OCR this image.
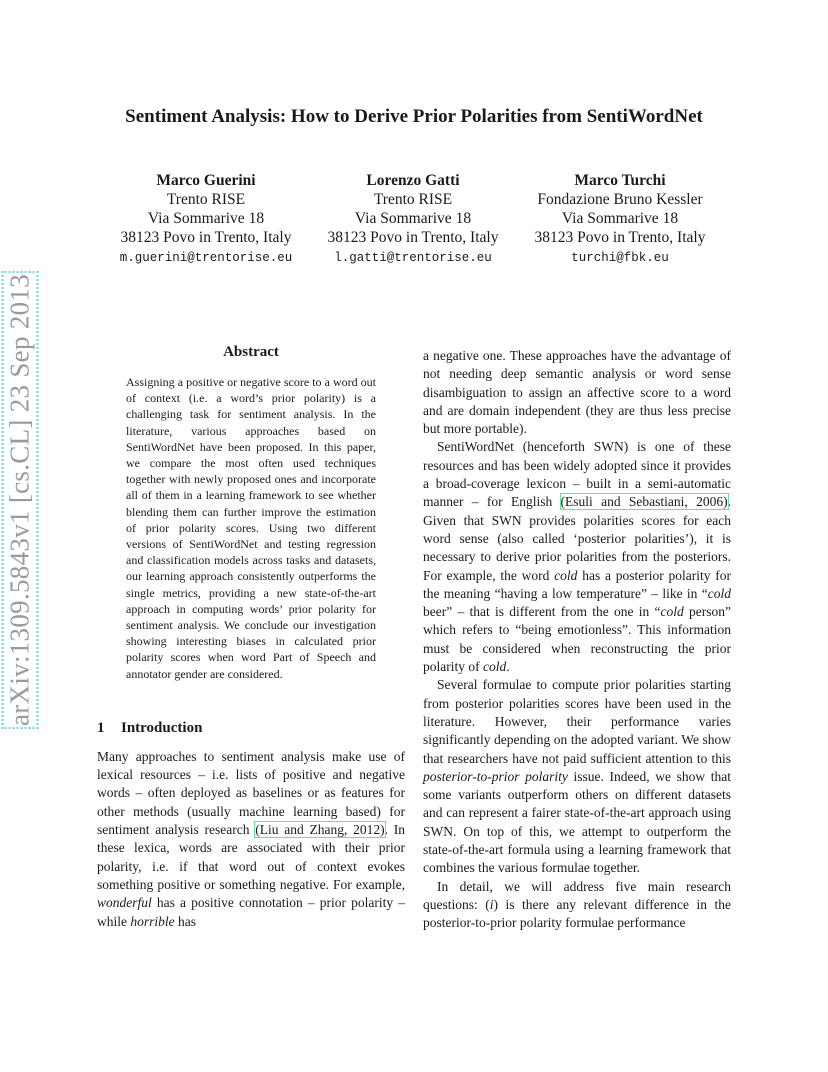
arXiv:1309.5843v1 [cs.CL] 23 Sep 2013
Sentiment Analysis: How to Derive Prior Polarities from SentiWordNet
Marco Guerini
Trento RISE
Via Sommarive 18
38123 Povo in Trento, Italy
m.guerini@trentorise.eu
Lorenzo Gatti
Trento RISE
Via Sommarive 18
38123 Povo in Trento, Italy
l.gatti@trentorise.eu
Marco Turchi
Fondazione Bruno Kessler
Via Sommarive 18
38123 Povo in Trento, Italy
turchi@fbk.eu
Abstract

Assigning a positive or negative score to a word out of context (i.e. a word’s prior polarity) is a challenging task for sentiment analysis. In the literature, various approaches based on SentiWordNet have been proposed. In this paper, we compare the most often used techniques together with newly proposed ones and incorporate all of them in a learning framework to see whether blending them can further improve the estimation of prior polarity scores. Using two different versions of SentiWordNet and testing regression and classification models across tasks and datasets, our learning approach consistently outperforms the single metrics, providing a new state-of-the-art approach in computing words’ prior polarity for sentiment analysis. We conclude our investigation showing interesting biases in calculated prior polarity scores when word Part of Speech and annotator gender are considered.

1 Introduction

Many approaches to sentiment analysis make use of lexical resources – i.e. lists of positive and negative words – often deployed as baselines or as features for other methods (usually machine learning based) for sentiment analysis research (Liu and Zhang, 2012). In these lexica, words are associated with their prior polarity, i.e. if that word out of context evokes something positive or something negative. For example, wonderful has a positive connotation – prior polarity – while horrible has

a negative one. These approaches have the advantage of not needing deep semantic analysis or word sense disambiguation to assign an affective score to a word and are domain independent (they are thus less precise but more portable).

SentiWordNet (henceforth SWN) is one of these resources and has been widely adopted since it provides a broad-coverage lexicon – built in a semi-automatic manner – for English (Esuli and Sebastiani, 2006). Given that SWN provides polarities scores for each word sense (also called ‘posterior polarities’), it is necessary to derive prior polarities from the posteriors. For example, the word cold has a posterior polarity for the meaning “having a low temperature” – like in “cold beer” – that is different from the one in “cold person” which refers to “being emotionless”. This information must be considered when reconstructing the prior polarity of cold.

Several formulae to compute prior polarities starting from posterior polarities scores have been used in the literature. However, their performance varies significantly depending on the adopted variant. We show that researchers have not paid sufficient attention to this posterior-to-prior polarity issue. Indeed, we show that some variants outperform others on different datasets and can represent a fairer state-of-the-art approach using SWN. On top of this, we attempt to outperform the state-of-the-art formula using a learning framework that combines the various formulae together.

In detail, we will address five main research questions: (i) is there any relevant difference in the posterior-to-prior polarity formulae performance
